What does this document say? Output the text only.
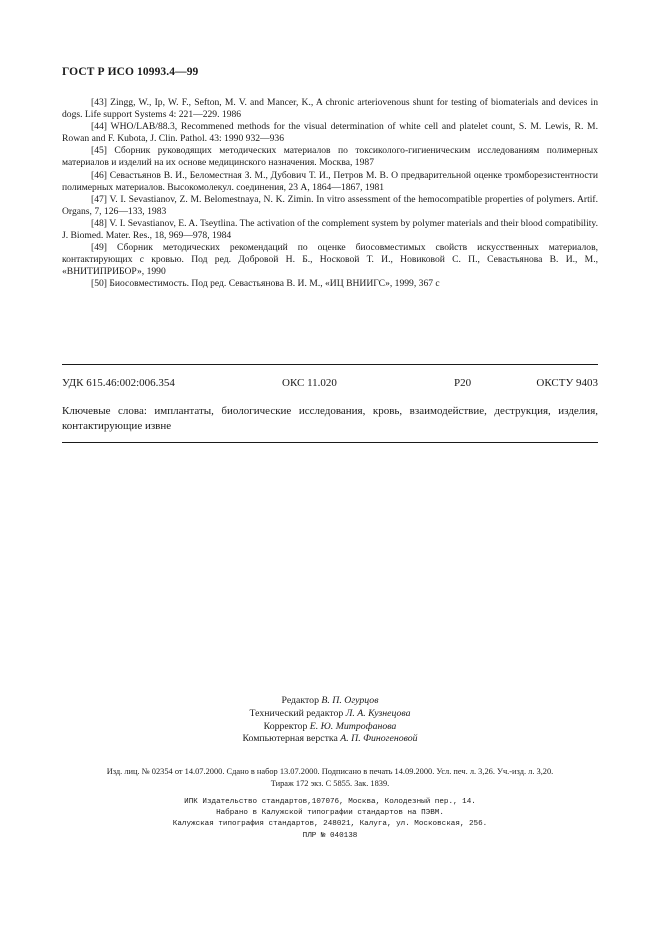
ГОСТ Р ИСО 10993.4—99

[43] Zingg, W., Ip, W. F., Sefton, M. V. and Mancer, K., A chronic arteriovenous shunt for testing of biomaterials and devices in dogs. Life support Systems 4: 221—229. 1986

[44] WHO/LAB/88.3, Recommened methods for the visual determination of white cell and platelet count, S. M. Lewis, R. M. Rowan and F. Kubota, J. Clin. Pathol. 43: 1990 932—936

[45] Сборник руководящих методических материалов по токсиколого-гигиеническим исследованиям полимерных материалов и изделий на их основе медицинского назначения. Москва, 1987

[46] Севастьянов В. И., Беломестная З. М., Дубович Т. И., Петров М. В. О предварительной оценке тромборезистентности полимерных материалов. Высокомолекул. соединения, 23 А, 1864—1867, 1981

[47] V. I. Sevastianov, Z. M. Belomestnaya, N. K. Zimin. In vitro assessment of the hemocompatible properties of polymers. Artif. Organs, 7, 126—133, 1983

[48] V. I. Sevastianov, E. A. Tseytlina. The activation of the complement system by polymer materials and their blood compatibility. J. Biomed. Mater. Res., 18, 969—978, 1984

[49] Сборник методических рекомендаций по оценке биосовместимых свойств искусственных материалов, контактирующих с кровью. Под ред. Добровой Н. Б., Носковой Т. И., Новиковой С. П., Севастьянова В. И., М., «ВНИТИПРИБОР», 1990

[50] Биосовместимость. Под ред. Севастьянова В. И. М., «ИЦ ВНИИГС», 1999, 367 с

УДК 615.46:002:006.354	ОКС 11.020	Р20	ОКСТУ 9403
Ключевые слова: имплантаты, биологические исследования, кровь, взаимодействие, деструкция, изделия, контактирующие извне
Редактор В. П. Огурцов
Технический редактор Л. А. Кузнецова
Корректор Е. Ю. Митрофанова
Компьютерная верстка А. П. Финогеновой
Изд. лиц. № 02354 от 14.07.2000. Сдано в набор 13.07.2000. Подписано в печать 14.09.2000. Усл. печ. л. 3,26. Уч.-изд. л. 3,20.
Тираж 172 экз. С 5855. Зак. 1839.
ИПК Издательство стандартов,107076, Москва, Колодезный пер., 14.
Набрано в Калужской типографии стандартов на ПЭВМ.
Калужская типография стандартов, 248021, Калуга, ул. Московская, 256.
ПЛР № 040138
